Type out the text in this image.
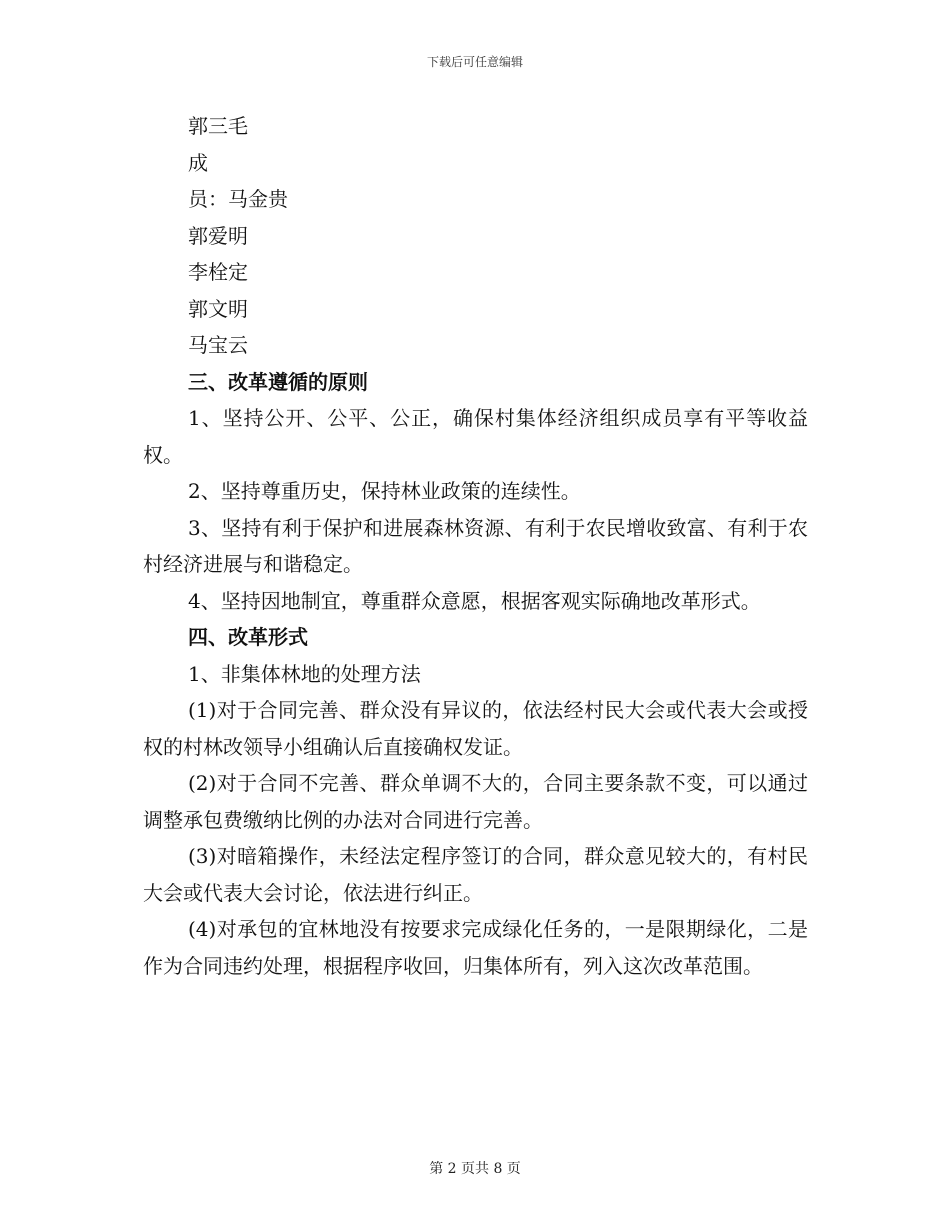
下载后可任意编辑
郭三毛
成
员：马金贵
郭爱明
李栓定
郭文明
马宝云
三、改革遵循的原则
1、坚持公开、公平、公正，确保村集体经济组织成员享有平等收益权。
2、坚持尊重历史，保持林业政策的连续性。
3、坚持有利于保护和进展森林资源、有利于农民增收致富、有利于农村经济进展与和谐稳定。
4、坚持因地制宜，尊重群众意愿，根据客观实际确地改革形式。
四、改革形式
1、非集体林地的处理方法
(1)对于合同完善、群众没有异议的，依法经村民大会或代表大会或授权的村林改领导小组确认后直接确权发证。
(2)对于合同不完善、群众单调不大的，合同主要条款不变，可以通过调整承包费缴纳比例的办法对合同进行完善。
(3)对暗箱操作，未经法定程序签订的合同，群众意见较大的，有村民大会或代表大会讨论，依法进行纠正。
(4)对承包的宜林地没有按要求完成绿化任务的，一是限期绿化，二是作为合同违约处理，根据程序收回，归集体所有，列入这次改革范围。
第 2 页共 8 页
